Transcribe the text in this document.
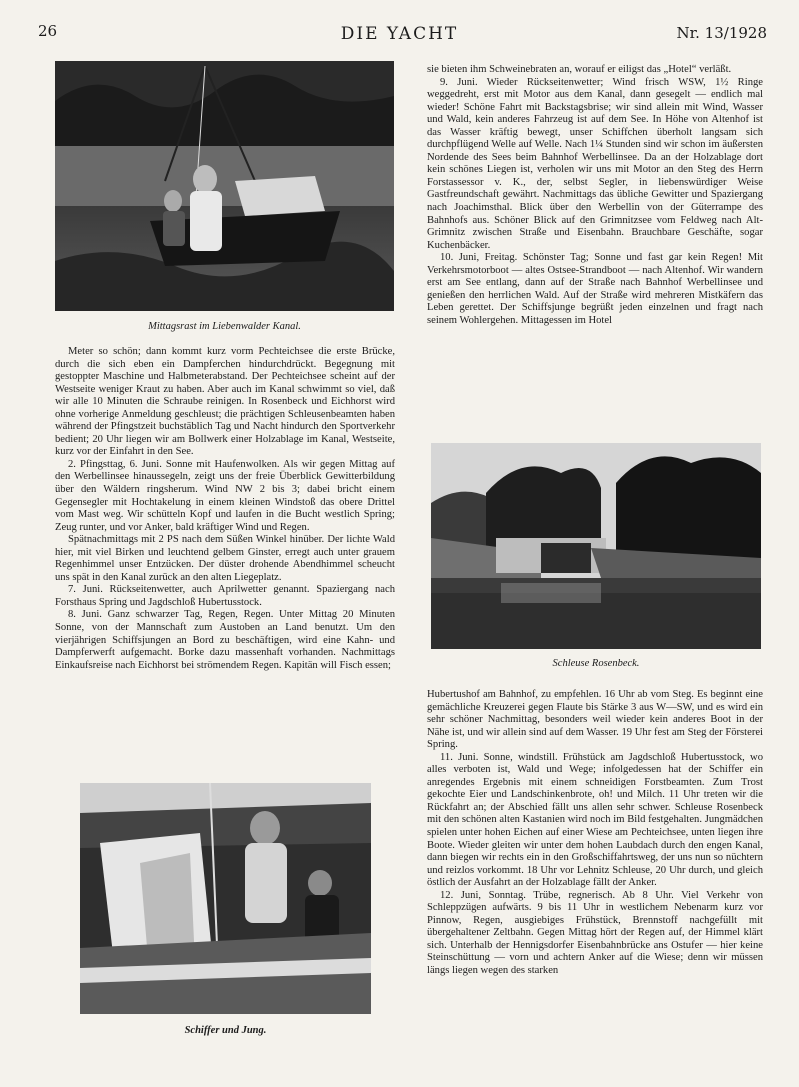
26	DIE YACHT	Nr. 13/1928
Mittagsrast im Liebenwalder Kanal.

Meter so schön; dann kommt kurz vorm Pechteichsee die erste Brücke, durch die sich eben ein Dampferchen hindurchdrückt. Begegnung mit gestoppter Maschine und Halbmeterabstand. Der Pechteichsee scheint auf der Westseite weniger Kraut zu haben. Aber auch im Kanal schwimmt so viel, daß wir alle 10 Minuten die Schraube reinigen. In Rosenbeck und Eichhorst wird ohne vorherige Anmeldung geschleust; die prächtigen Schleusenbeamten haben während der Pfingstzeit buchstäblich Tag und Nacht hindurch den Sportverkehr bedient; 20 Uhr liegen wir am Bollwerk einer Holzablage im Kanal, Westseite, kurz vor der Einfahrt in den See.

2. Pfingsttag, 6. Juni. Sonne mit Haufenwolken. Als wir gegen Mittag auf den Werbellinsee hinaussegeln, zeigt uns der freie Überblick Gewitterbildung über den Wäldern ringsherum. Wind NW 2 bis 3; dabei bricht einem Gegensegler mit Hochtakelung in einem kleinen Windstoß das obere Drittel vom Mast weg. Wir schütteln Kopf und laufen in die Bucht westlich Spring; Zeug runter, und vor Anker, bald kräftiger Wind und Regen.

Spätnachmittags mit 2 PS nach dem Süßen Winkel hinüber. Der lichte Wald hier, mit viel Birken und leuchtend gelbem Ginster, erregt auch unter grauem Regenhimmel unser Entzücken. Der düster drohende Abendhimmel scheucht uns spät in den Kanal zurück an den alten Liegeplatz.

7. Juni. Rückseitenwetter, auch Aprilwetter genannt. Spaziergang nach Forsthaus Spring und Jagdschloß Hubertusstock.

8. Juni. Ganz schwarzer Tag, Regen, Regen. Unter Mittag 20 Minuten Sonne, von der Mannschaft zum Austoben an Land benutzt. Um den vierjährigen Schiffsjungen an Bord zu beschäftigen, wird eine Kahn- und Dampferwerft aufgemacht. Borke dazu massenhaft vorhanden. Nachmittags Einkaufsreise nach Eichhorst bei strömendem Regen. Kapitän will Fisch essen;

sie bieten ihm Schweinebraten an, worauf er eiligst das „Hotel“ verläßt.

9. Juni. Wieder Rückseitenwetter; Wind frisch WSW, 1½ Ringe weggedreht, erst mit Motor aus dem Kanal, dann gesegelt — endlich mal wieder! Schöne Fahrt mit Backstagsbrise; wir sind allein mit Wind, Wasser und Wald, kein anderes Fahrzeug ist auf dem See. In Höhe von Altenhof ist das Wasser kräftig bewegt, unser Schiffchen überholt langsam sich durchpflügend Welle auf Welle. Nach 1¼ Stunden sind wir schon im äußersten Nordende des Sees beim Bahnhof Werbellinsee. Da an der Holzablage dort kein schönes Liegen ist, verholen wir uns mit Motor an den Steg des Herrn Forstassessor v. K., der, selbst Segler, in liebenswürdiger Weise Gastfreundschaft gewährt. Nachmittags das übliche Gewitter und Spaziergang nach Joachimsthal. Blick über den Werbellin von der Güterrampe des Bahnhofs aus. Schöner Blick auf den Grimnitzsee vom Feldweg nach Alt-Grimnitz zwischen Straße und Eisenbahn. Brauchbare Geschäfte, sogar Kuchenbäcker.

10. Juni, Freitag. Schönster Tag; Sonne und fast gar kein Regen! Mit Verkehrsmotorboot — altes Ostsee-Strandboot — nach Altenhof. Wir wandern erst am See entlang, dann auf der Straße nach Bahnhof Werbellinsee und genießen den herrlichen Wald. Auf der Straße wird mehreren Mistkäfern das Leben gerettet. Der Schiffsjunge begrüßt jeden einzelnen und fragt nach seinem Wohlergehen. Mittagessen im Hotel

Schleuse Rosenbeck.

Hubertushof am Bahnhof, zu empfehlen. 16 Uhr ab vom Steg. Es beginnt eine gemächliche Kreuzerei gegen Flaute bis Stärke 3 aus W—SW, und es wird ein sehr schöner Nachmittag, besonders weil wieder kein anderes Boot in der Nähe ist, und wir allein sind auf dem Wasser. 19 Uhr fest am Steg der Försterei Spring.

11. Juni. Sonne, windstill. Frühstück am Jagdschloß Hubertusstock, wo alles verboten ist, Wald und Wege; infolgedessen hat der Schiffer ein anregendes Ergebnis mit einem schneidigen Forstbeamten. Zum Trost gekochte Eier und Landschinkenbrote, oh! und Milch. 11 Uhr treten wir die Rückfahrt an; der Abschied fällt uns allen sehr schwer. Schleuse Rosenbeck mit den schönen alten Kastanien wird noch im Bild festgehalten. Jungmädchen spielen unter hohen Eichen auf einer Wiese am Pechteichsee, unten liegen ihre Boote. Wieder gleiten wir unter dem hohen Laubdach durch den engen Kanal, dann biegen wir rechts ein in den Großschiffahrtsweg, der uns nun so nüchtern und reizlos vorkommt. 18 Uhr vor Lehnitz Schleuse, 20 Uhr durch, und gleich östlich der Ausfahrt an der Holzablage fällt der Anker.

12. Juni, Sonntag. Trübe, regnerisch. Ab 8 Uhr. Viel Verkehr von Schleppzügen aufwärts. 9 bis 11 Uhr in westlichem Nebenarm kurz vor Pinnow, Regen, ausgiebiges Frühstück, Brennstoff nachgefüllt mit übergehaltener Zeltbahn. Gegen Mittag hört der Regen auf, der Himmel klärt sich. Unterhalb der Hennigsdorfer Eisenbahnbrücke ans Ostufer — hier keine Steinschüttung — vorn und achtern Anker auf die Wiese; denn wir müssen längs liegen wegen des starken

Schiffer und Jung.
